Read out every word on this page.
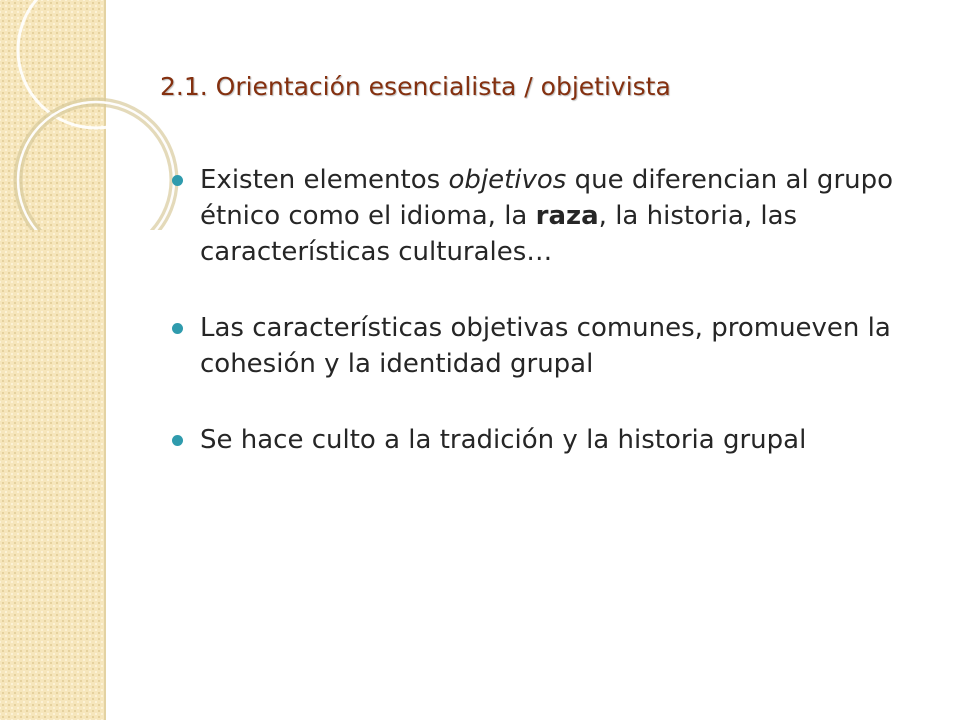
2.1. Orientación esencialista / objetivista
Existen elementos objetivos que diferencian al grupo étnico como el idioma, la raza, la historia, las características culturales…
Las características objetivas comunes, promueven la cohesión y la identidad grupal
Se hace culto a la tradición y la historia grupal
